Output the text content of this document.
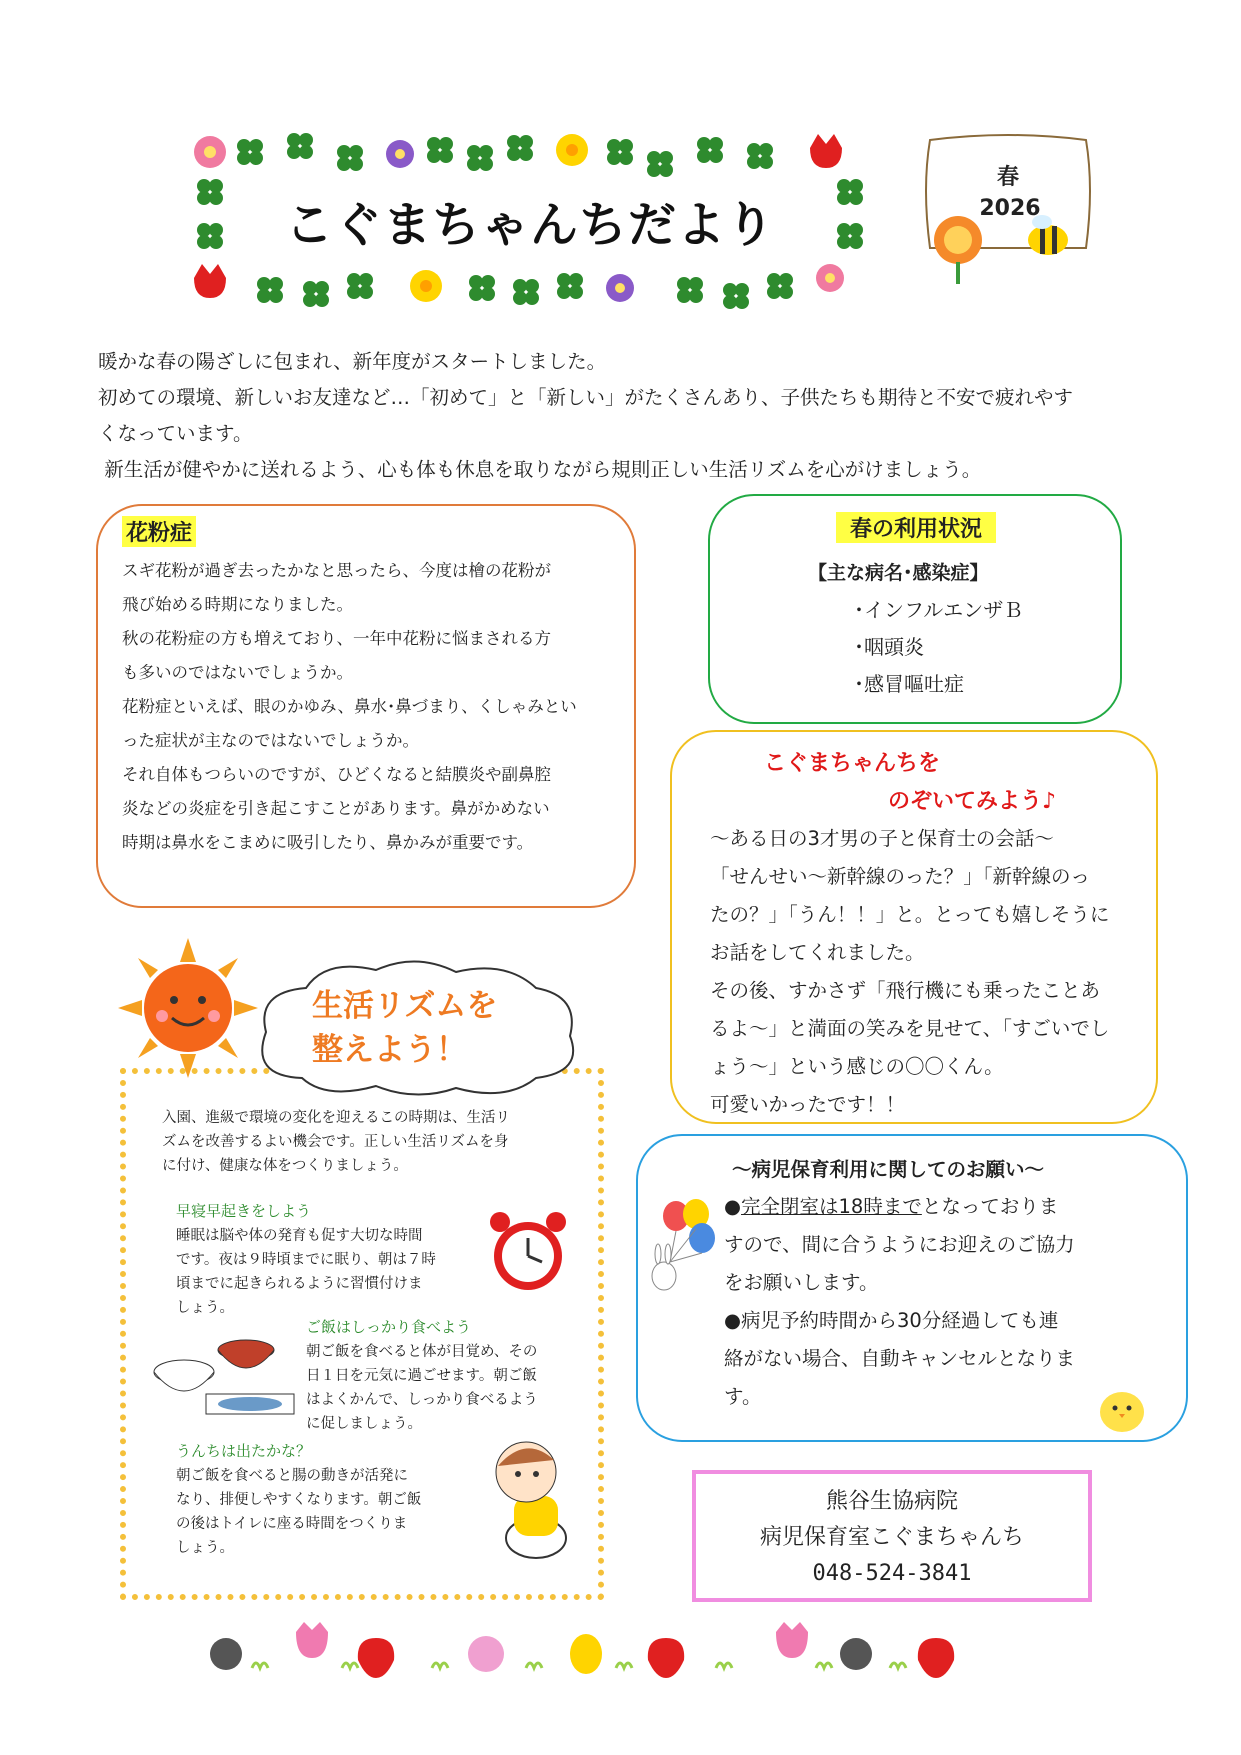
こぐまちゃんちだより
春
2026

暖かな春の陽ざしに包まれ、新年度がスタートしました。

初めての環境、新しいお友達など…「初めて」と「新しい」がたくさんあり、子供たちも期待と不安で疲れやす

くなっています。

新生活が健やかに送れるよう、心も体も休息を取りながら規則正しい生活リズムを心がけましょう。

花粉症

スギ花粉が過ぎ去ったかなと思ったら、今度は檜の花粉が

飛び始める時期になりました。

秋の花粉症の方も増えており、一年中花粉に悩まされる方

も多いのではないでしょうか。

花粉症といえば、眼のかゆみ、鼻水･鼻づまり、くしゃみとい

った症状が主なのではないでしょうか。

それ自体もつらいのですが、ひどくなると結膜炎や副鼻腔

炎などの炎症を引き起こすことがあります。鼻がかめない

時期は鼻水をこまめに吸引したり、鼻かみが重要です。

春の利用状況
【主な病名･感染症】
･インフルエンザＢ
･咽頭炎
･感冒嘔吐症
こぐまちゃんちを
のぞいてみよう♪

～ある日の3才男の子と保育士の会話～

「せんせい～新幹線のった？」「新幹線のっ

たの？」「うん！！」と。とっても嬉しそうに

お話をしてくれました。

その後、すかさず「飛行機にも乗ったことあ

るよ～」と満面の笑みを見せて、「すごいでし

ょう～」という感じの〇〇くん。

可愛いかったです！！

～病児保育利用に関してのお願い～

●完全閉室は18時までとなっておりま

すので、間に合うようにお迎えのご協力

をお願いします。

●病児予約時間から30分経過しても連

絡がない場合、自動キャンセルとなりま

す。

生活リズムを
整えよう！
入園、進級で環境の変化を迎えるこの時期は、生活リ
ズムを改善するよい機会です。正しい生活リズムを身
に付け、健康な体をつくりましょう。
早寝早起きをしよう
睡眠は脳や体の発育も促す大切な時間
です。夜は９時頃までに眠り、朝は７時
頃までに起きられるように習慣付けま
しょう。
ご飯はしっかり食べよう
朝ご飯を食べると体が目覚め、その
日１日を元気に過ごせます。朝ご飯
はよくかんで、しっかり食べるよう
に促しましょう。
うんちは出たかな？
朝ご飯を食べると腸の動きが活発に
なり、排便しやすくなります。朝ご飯
の後はトイレに座る時間をつくりま
しょう。
熊谷生協病院
病児保育室こぐまちゃんち
048-524-3841
